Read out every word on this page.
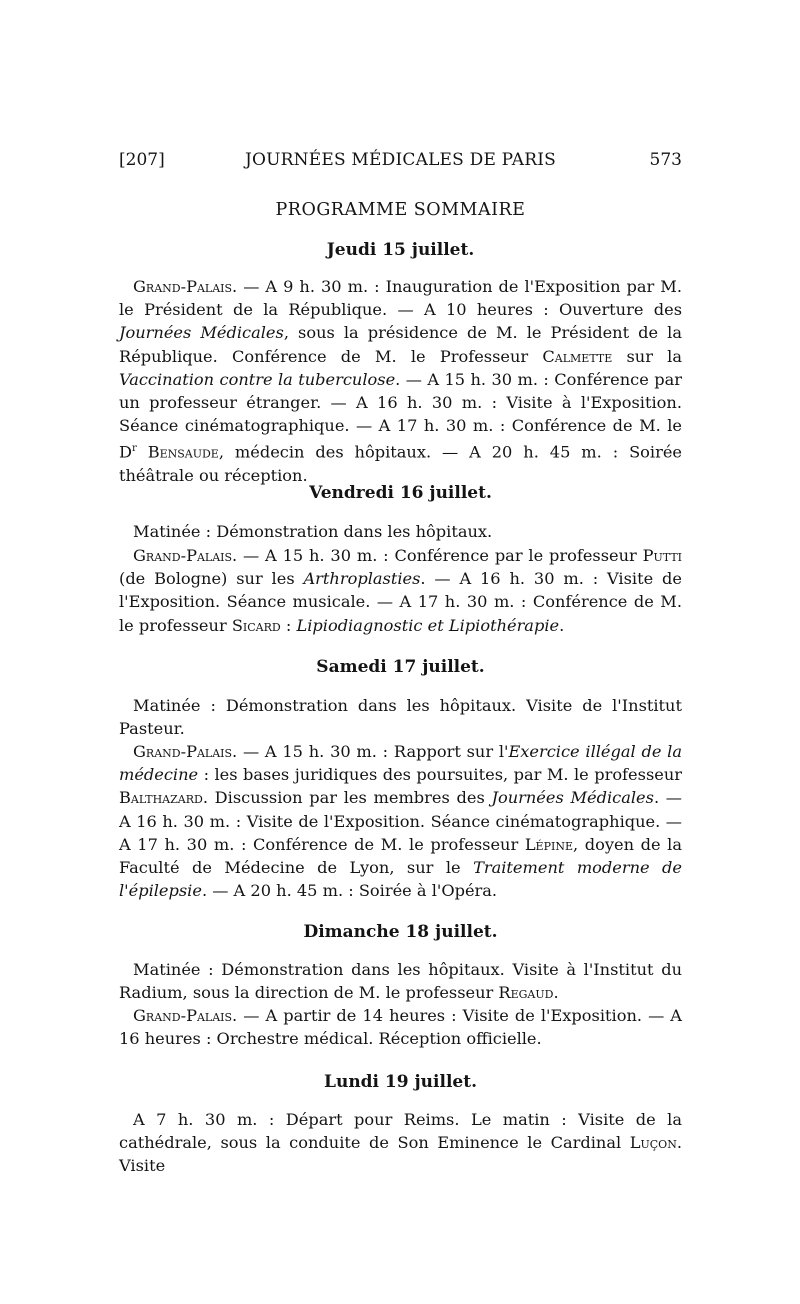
[207]	JOURNÉES MÉDICALES DE PARIS	573
PROGRAMME SOMMAIRE
Jeudi 15 juillet.
Grand-Palais. — A 9 h. 30 m. : Inauguration de l'Exposition par M. le Président de la République. — A 10 heures : Ouverture des Journées Médicales, sous la présidence de M. le Président de la République. Conférence de M. le Professeur Calmette sur la Vaccination contre la tuberculose. — A 15 h. 30 m. : Conférence par un professeur étranger. — A 16 h. 30 m. : Visite à l'Exposition. Séance cinématographique. — A 17 h. 30 m. : Conférence de M. le $D^r$ Bensaude, médecin des hôpitaux. — A 20 h. 45 m. : Soirée théâtrale ou réception.
Vendredi 16 juillet.
Matinée : Démonstration dans les hôpitaux.
Grand-Palais. — A 15 h. 30 m. : Conférence par le professeur Putti (de Bologne) sur les Arthroplasties. — A 16 h. 30 m. : Visite de l'Exposition. Séance musicale. — A 17 h. 30 m. : Conférence de M. le professeur Sicard : Lipiodiagnostic et Lipiothérapie.
Samedi 17 juillet.
Matinée : Démonstration dans les hôpitaux. Visite de l'Institut Pasteur.
Grand-Palais. — A 15 h. 30 m. : Rapport sur l'Exercice illégal de la médecine : les bases juridiques des poursuites, par M. le professeur Balthazard. Discussion par les membres des Journées Médicales. — A 16 h. 30 m. : Visite de l'Exposition. Séance cinématographique. — A 17 h. 30 m. : Conférence de M. le professeur Lépine, doyen de la Faculté de Médecine de Lyon, sur le Traitement moderne de l'épilepsie. — A 20 h. 45 m. : Soirée à l'Opéra.
Dimanche 18 juillet.
Matinée : Démonstration dans les hôpitaux. Visite à l'Institut du Radium, sous la direction de M. le professeur Regaud.
Grand-Palais. — A partir de 14 heures : Visite de l'Exposition. — A 16 heures : Orchestre médical. Réception officielle.
Lundi 19 juillet.
A 7 h. 30 m. : Départ pour Reims. Le matin : Visite de la cathédrale, sous la conduite de Son Eminence le Cardinal Luçon. Visite
